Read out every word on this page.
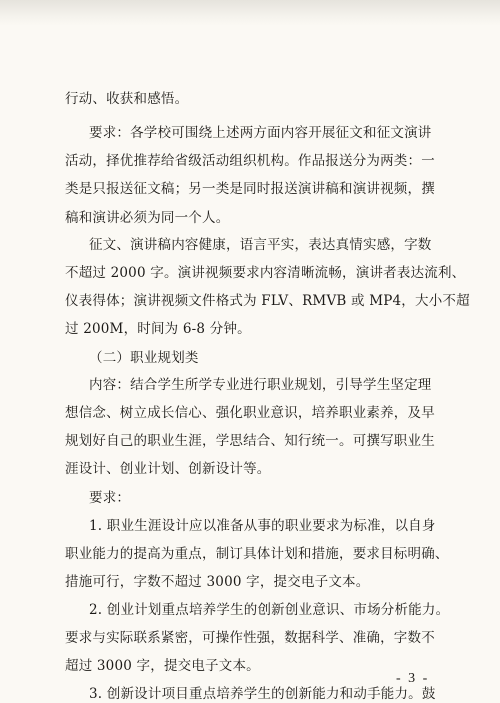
行动、收获和感悟。
要求：各学校可围绕上述两方面内容开展征文和征文演讲
活动，择优推荐给省级活动组织机构。作品报送分为两类：一
类是只报送征文稿；另一类是同时报送演讲稿和演讲视频，撰
稿和演讲必须为同一个人。
征文、演讲稿内容健康，语言平实，表达真情实感，字数
不超过 2000 字。演讲视频要求内容清晰流畅，演讲者表达流利、
仪表得体；演讲视频文件格式为 FLV、RMVB 或 MP4，大小不超
过 200M，时间为 6-8 分钟。
（二）职业规划类
内容：结合学生所学专业进行职业规划，引导学生坚定理
想信念、树立成长信心、强化职业意识，培养职业素养，及早
规划好自己的职业生涯，学思结合、知行统一。可撰写职业生
涯设计、创业计划、创新设计等。
要求：
1. 职业生涯设计应以准备从事的职业要求为标准，以自身
职业能力的提高为重点，制订具体计划和措施，要求目标明确、
措施可行，字数不超过 3000 字，提交电子文本。
2. 创业计划重点培养学生的创新创业意识、市场分析能力。
要求与实际联系紧密，可操作性强，数据科学、准确，字数不
超过 3000 字，提交电子文本。
3. 创新设计项目重点培养学生的创新能力和动手能力。鼓
- 3 -
